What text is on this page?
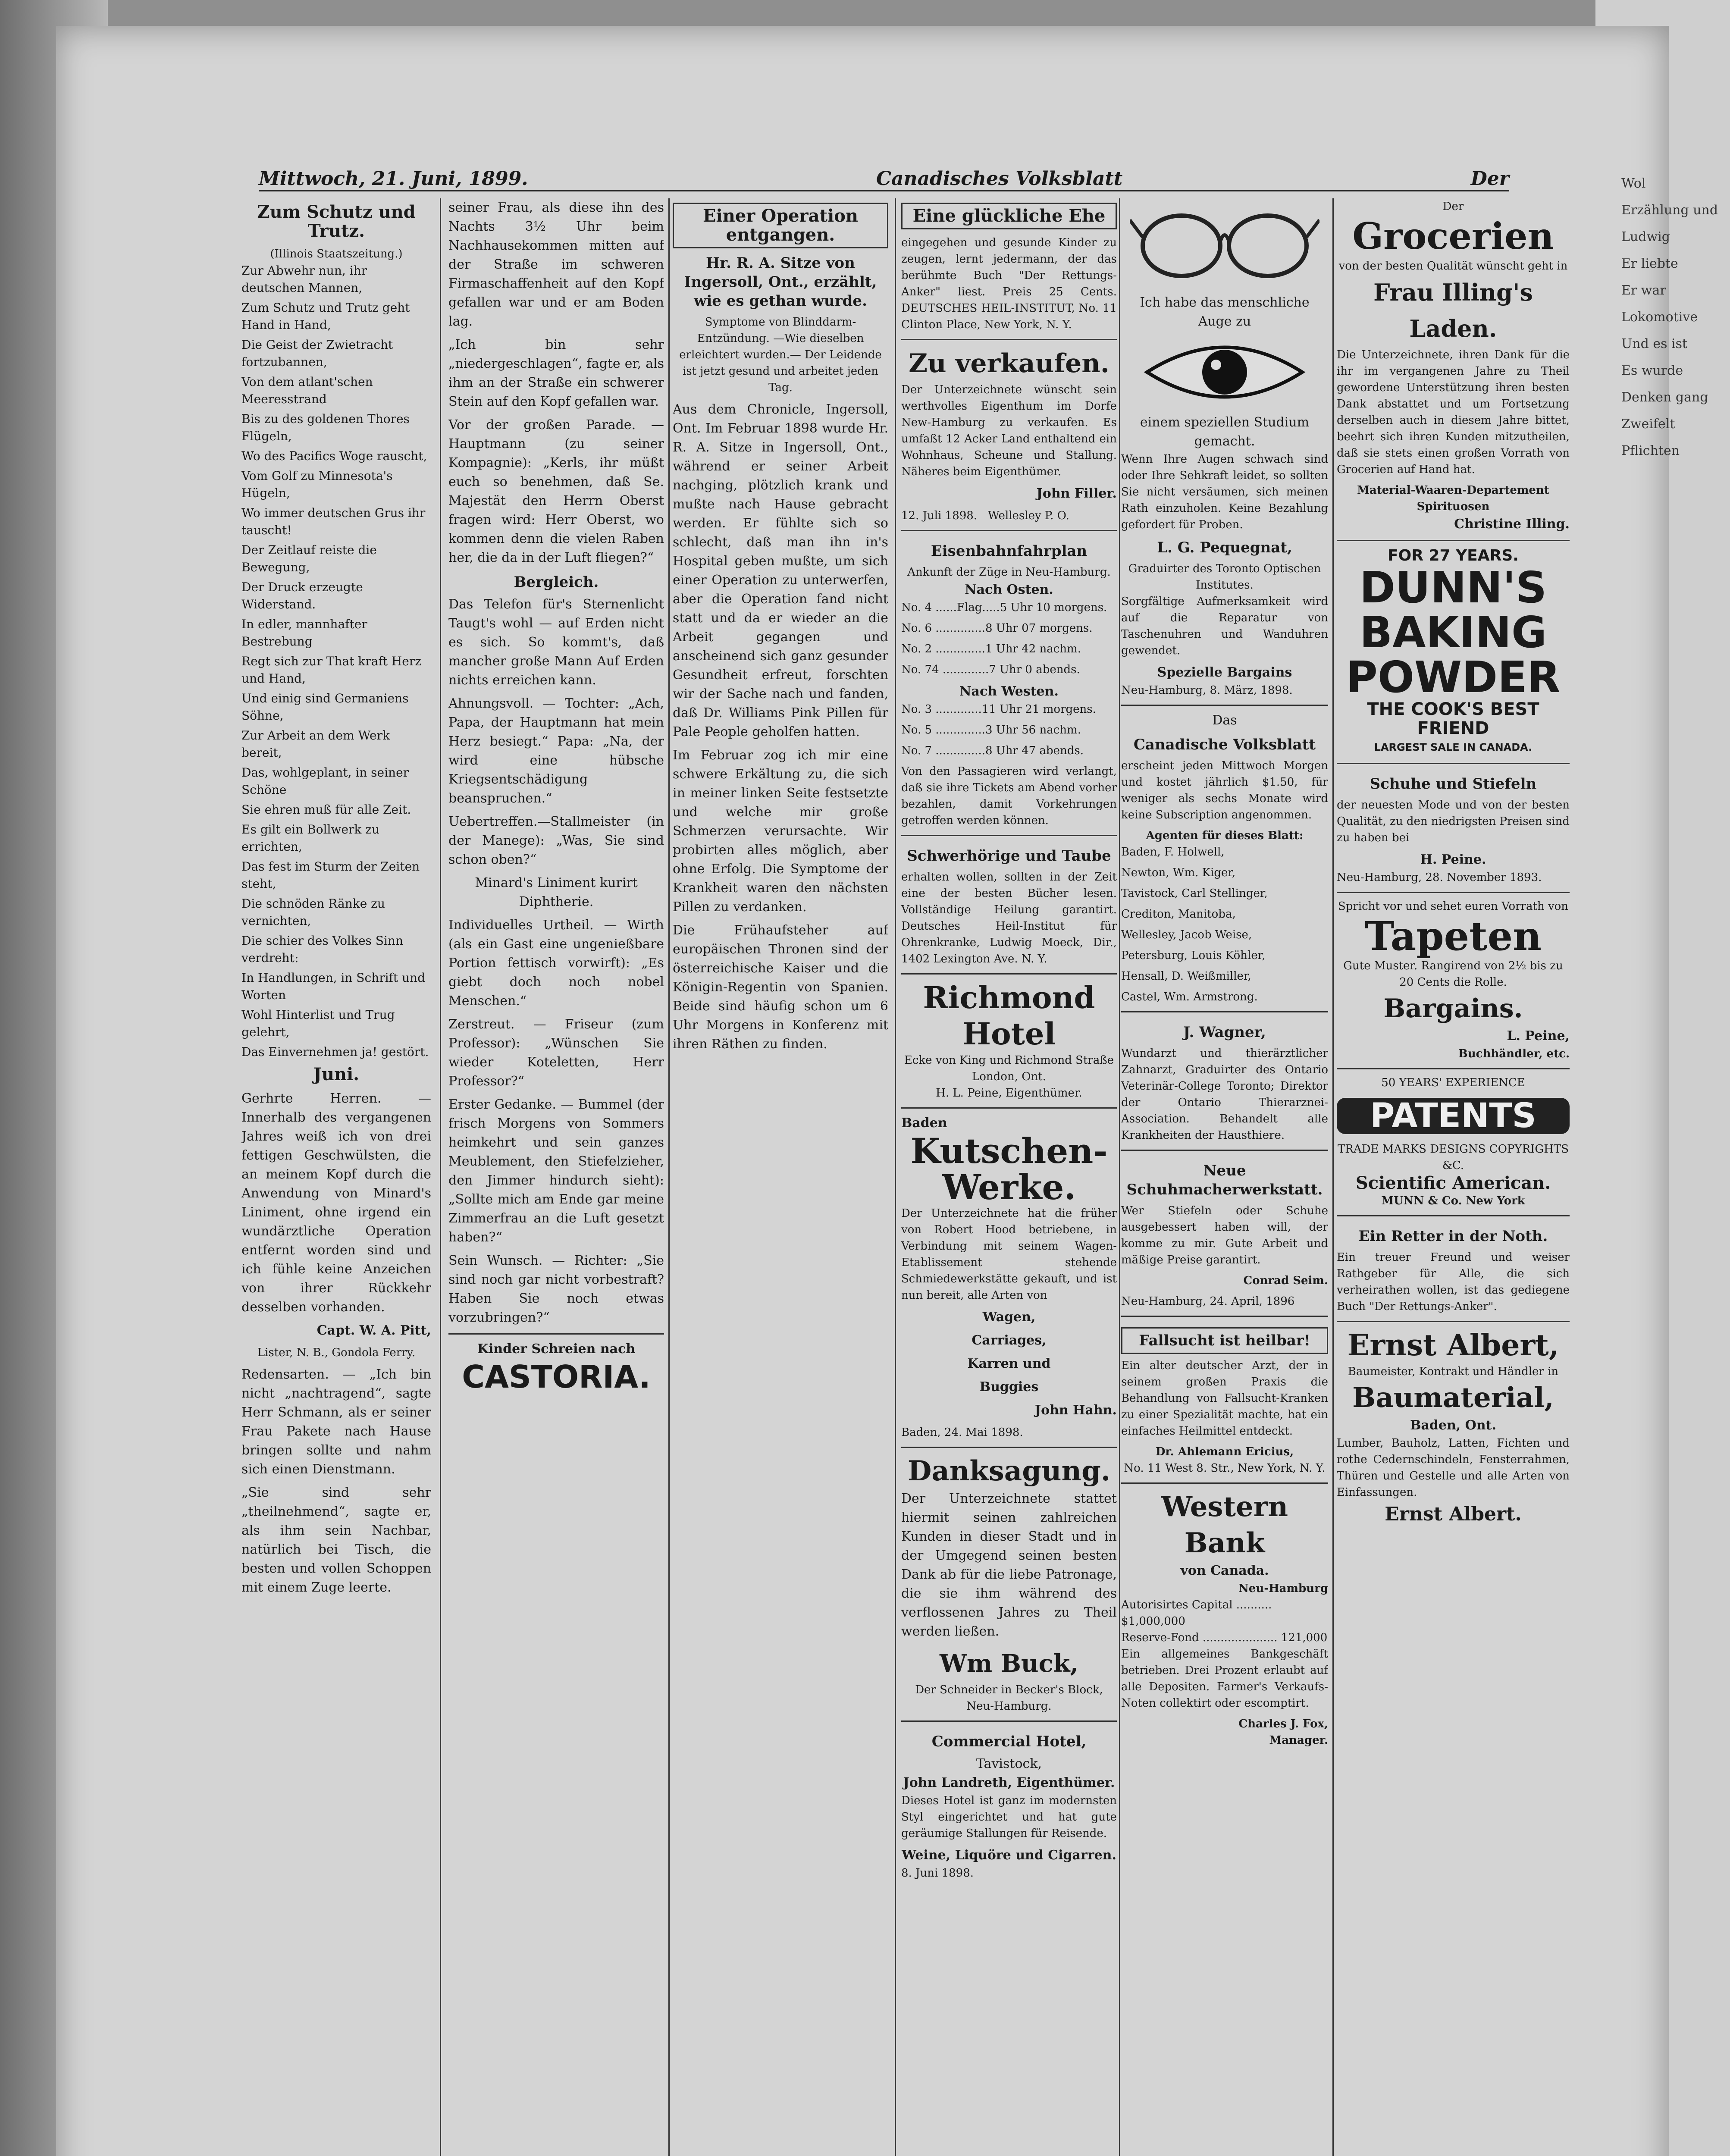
Mittwoch, 21. Juni, 1899.	Canadisches Volksblatt	Der
Zum Schutz und Trutz.
(Illinois Staatszeitung.)

Zur Abwehr nun, ihr deutschen Mannen,

Zum Schutz und Trutz geht Hand in Hand,

Die Geist der Zwietracht fortzubannen,

Von dem atlant'schen Meeresstrand

Bis zu des goldenen Thores Flügeln,

Wo des Pacifics Woge rauscht,

Vom Golf zu Minnesota's Hügeln,

Wo immer deutschen Grus ihr tauscht!

Der Zeitlauf reiste die Bewegung,

Der Druck erzeugte Widerstand.

In edler, mannhafter Bestrebung

Regt sich zur That kraft Herz und Hand,

Und einig sind Germaniens Söhne,

Zur Arbeit an dem Werk bereit,

Das, wohlgeplant, in seiner Schöne

Sie ehren muß für alle Zeit.

Es gilt ein Bollwerk zu errichten,

Das fest im Sturm der Zeiten steht,

Die schnöden Ränke zu vernichten,

Die schier des Volkes Sinn verdreht:

In Handlungen, in Schrift und Worten

Wohl Hinterlist und Trug gelehrt,

Das Einvernehmen ja! gestört.

Juni.

Gerhrte Herren. — Innerhalb des vergangenen Jahres weiß ich von drei fettigen Geschwülsten, die an meinem Kopf durch die Anwendung von Minard's Liniment, ohne irgend ein wundärztliche Operation entfernt worden sind und ich fühle keine Anzeichen von ihrer Rückkehr desselben vorhanden.

Capt. W. A. Pitt,

Lister, N. B., Gondola Ferry.

Redensarten. — „Ich bin nicht „nachtragend“, sagte Herr Schmann, als er seiner Frau Pakete nach Hause bringen sollte und nahm sich einen Dienstmann.

„Sie sind sehr „theilnehmend“, sagte er, als ihm sein Nachbar, natürlich bei Tisch, die besten und vollen Schoppen mit einem Zuge leerte.

seiner Frau, als diese ihn des Nachts 3½ Uhr beim Nachhausekommen mitten auf der Straße im schweren Firmaschaffenheit auf den Kopf gefallen war und er am Boden lag.

„Ich bin sehr „niedergeschlagen“, fagte er, als ihm an der Straße ein schwerer Stein auf den Kopf gefallen war.

Vor der großen Parade. — Hauptmann (zu seiner Kompagnie): „Kerls, ihr müßt euch so benehmen, daß Se. Majestät den Herrn Oberst fragen wird: Herr Oberst, wo kommen denn die vielen Raben her, die da in der Luft fliegen?“

Bergleich.

Das Telefon für's Sternenlicht Taugt's wohl — auf Erden nicht es sich. So kommt's, daß mancher große Mann Auf Erden nichts erreichen kann.

Ahnungsvoll. — Tochter: „Ach, Papa, der Hauptmann hat mein Herz besiegt.“ Papa: „Na, der wird eine hübsche Kriegsentschädigung beanspruchen.“

Uebertreffen.—Stallmeister (in der Manege): „Was, Sie sind schon oben?“

Minard's Liniment kurirt Diphtherie.

Individuelles Urtheil. — Wirth (als ein Gast eine ungenießbare Portion fettisch vorwirft): „Es giebt doch noch nobel Menschen.“

Zerstreut. — Friseur (zum Professor): „Wünschen Sie wieder Koteletten, Herr Professor?“

Erster Gedanke. — Bummel (der frisch Morgens von Sommers heimkehrt und sein ganzes Meublement, den Stiefelzieher, den Jimmer hindurch sieht): „Sollte mich am Ende gar meine Zimmerfrau an die Luft gesetzt haben?“

Sein Wunsch. — Richter: „Sie sind noch gar nicht vorbestraft? Haben Sie noch etwas vorzubringen?“

Kinder Schreien nach
CASTORIA.
Einer Operation entgangen.
Hr. R. A. Sitze von Ingersoll, Ont., erzählt, wie es gethan wurde.

Symptome von Blinddarm-Entzündung. —Wie dieselben erleichtert wurden.— Der Leidende ist jetzt gesund und arbeitet jeden Tag.

Aus dem Chronicle, Ingersoll, Ont. Im Februar 1898 wurde Hr. R. A. Sitze in Ingersoll, Ont., während er seiner Arbeit nachging, plötzlich krank und mußte nach Hause gebracht werden. Er fühlte sich so schlecht, daß man ihn in's Hospital geben mußte, um sich einer Operation zu unterwerfen, aber die Operation fand nicht statt und da er wieder an die Arbeit gegangen und anscheinend sich ganz gesunder Gesundheit erfreut, forschten wir der Sache nach und fanden, daß Dr. Williams Pink Pillen für Pale People geholfen hatten.

Im Februar zog ich mir eine schwere Erkältung zu, die sich in meiner linken Seite festsetzte und welche mir große Schmerzen verursachte. Wir probirten alles möglich, aber ohne Erfolg. Die Symptome der Krankheit waren den nächsten Pillen zu verdanken.

Die Frühaufsteher auf europäischen Thronen sind der österreichische Kaiser und die Königin-Regentin von Spanien. Beide sind häufig schon um 6 Uhr Morgens in Konferenz mit ihren Räthen zu finden.

Eine glückliche Ehe

eingegehen und gesunde Kinder zu zeugen, lernt jedermann, der das berühmte Buch "Der Rettungs-Anker" liest. Preis 25 Cents. DEUTSCHES HEIL-INSTITUT, No. 11 Clinton Place, New York, N. Y.

Zu verkaufen.

Der Unterzeichnete wünscht sein werthvolles Eigenthum im Dorfe New-Hamburg zu verkaufen. Es umfaßt 12 Acker Land enthaltend ein Wohnhaus, Scheune und Stallung. Näheres beim Eigenthümer.

John Filler.

12. Juli 1898. Wellesley P. O.

Eisenbahnfahrplan
Ankunft der Züge in Neu-Hamburg.
Nach Osten.

No. 4 ......Flag.....5 Uhr 10 morgens.

No. 6 ..............8 Uhr 07 morgens.

No. 2 ..............1 Uhr 42 nachm.

No. 74 .............7 Uhr 0 abends.

Nach Westen.

No. 3 .............11 Uhr 21 morgens.

No. 5 ..............3 Uhr 56 nachm.

No. 7 ..............8 Uhr 47 abends.

Von den Passagieren wird verlangt, daß sie ihre Tickets am Abend vorher bezahlen, damit Vorkehrungen getroffen werden können.

Schwerhörige und Taube

erhalten wollen, sollten in der Zeit eine der besten Bücher lesen. Vollständige Heilung garantirt. Deutsches Heil-Institut für Ohrenkranke, Ludwig Moeck, Dir., 1402 Lexington Ave. N. Y.

Richmond Hotel
Ecke von King und Richmond Straße London, Ont.
H. L. Peine, Eigenthümer.
Baden
Kutschen-Werke.

Der Unterzeichnete hat die früher von Robert Hood betriebene, in Verbindung mit seinem Wagen-Etablissement stehende Schmiedewerkstätte gekauft, und ist nun bereit, alle Arten von

Wagen,

Carriages,

Karren und

Buggies

John Hahn.

Baden, 24. Mai 1898.

Danksagung.

Der Unterzeichnete stattet hiermit seinen zahlreichen Kunden in dieser Stadt und in der Umgegend seinen besten Dank ab für die liebe Patronage, die sie ihm während des verflossenen Jahres zu Theil werden ließen.

Wm Buck,
Der Schneider in Becker's Block, Neu-Hamburg.
Commercial Hotel,
Tavistock,
John Landreth, Eigenthümer.

Dieses Hotel ist ganz im modernsten Styl eingerichtet und hat gute geräumige Stallungen für Reisende.

Weine, Liquöre und Cigarren.
8. Juni 1898.
Ich habe das menschliche Auge zu
einem speziellen Studium gemacht.

Wenn Ihre Augen schwach sind oder Ihre Sehkraft leidet, so sollten Sie nicht versäumen, sich meinen Rath einzuholen. Keine Bezahlung gefordert für Proben.

L. G. Pequegnat,
Graduirter des Toronto Optischen Institutes.

Sorgfältige Aufmerksamkeit wird auf die Reparatur von Taschenuhren und Wanduhren gewendet.

Spezielle Bargains
Neu-Hamburg, 8. März, 1898.
Das
Canadische Volksblatt

erscheint jeden Mittwoch Morgen und kostet jährlich $1.50, für weniger als sechs Monate wird keine Subscription angenommen.

Agenten für dieses Blatt:

Baden, F. Holwell,

Newton, Wm. Kiger,

Tavistock, Carl Stellinger,

Crediton, Manitoba,

Wellesley, Jacob Weise,

Petersburg, Louis Köhler,

Hensall, D. Weißmiller,

Castel, Wm. Armstrong.

J. Wagner,

Wundarzt und thierärztlicher Zahnarzt, Graduirter des Ontario Veterinär-College Toronto; Direktor der Ontario Thierarznei-Association. Behandelt alle Krankheiten der Hausthiere.

Neue Schuhmacherwerkstatt.

Wer Stiefeln oder Schuhe ausgebessert haben will, der komme zu mir. Gute Arbeit und mäßige Preise garantirt.

Conrad Seim.

Neu-Hamburg, 24. April, 1896
Fallsucht ist heilbar!

Ein alter deutscher Arzt, der in seinem großen Praxis die Behandlung von Fallsucht-Kranken zu einer Spezialität machte, hat ein einfaches Heilmittel entdeckt.

Dr. Ahlemann Ericius,
No. 11 West 8. Str., New York, N. Y.
Western Bank
von Canada.
Neu-Hamburg
Autorisirtes Capital .......... $1,000,000
Reserve-Fond ..................... 121,000

Ein allgemeines Bankgeschäft betrieben. Drei Prozent erlaubt auf alle Depositen. Farmer's Verkaufs-Noten collektirt oder escomptirt.

Charles J. Fox,
Manager.
Der
Grocerien
von der besten Qualität wünscht geht in
Frau Illing's Laden.

Die Unterzeichnete, ihren Dank für die ihr im vergangenen Jahre zu Theil gewordene Unterstützung ihren besten Dank abstattet und um Fortsetzung derselben auch in diesem Jahre bittet, beehrt sich ihren Kunden mitzutheilen, daß sie stets einen großen Vorrath von Grocerien auf Hand hat.

Material-Waaren-Departement
Spirituosen
Christine Illing.
FOR 27 YEARS.
DUNN'S
BAKING
POWDER
THE COOK'S BEST FRIEND
LARGEST SALE IN CANADA.
Schuhe und Stiefeln

der neuesten Mode und von der besten Qualität, zu den niedrigsten Preisen sind zu haben bei

H. Peine.
Neu-Hamburg, 28. November 1893.
Spricht vor und sehet euren Vorrath von
Tapeten
Gute Muster. Rangirend von 2½ bis zu 20 Cents die Rolle.
Bargains.
L. Peine,
Buchhändler, etc.
50 YEARS' EXPERIENCE
PATENTS
TRADE MARKS DESIGNS COPYRIGHTS &C.
Scientific American.
MUNN & Co. New York
Ein Retter in der Noth.

Ein treuer Freund und weiser Rathgeber für Alle, die sich verheirathen wollen, ist das gediegene Buch "Der Rettungs-Anker".

Ernst Albert,
Baumeister, Kontrakt und Händler in
Baumaterial,
Baden, Ont.

Lumber, Bauholz, Latten, Fichten und rothe Cedernschindeln, Fensterrahmen, Thüren und Gestelle und alle Arten von Einfassungen.

Ernst Albert.

Wol

Erzählung und

Ludwig

Er liebte

Er war

Lokomotive

Und es ist

Es wurde

Denken gang

Zweifelt

Pflichten
